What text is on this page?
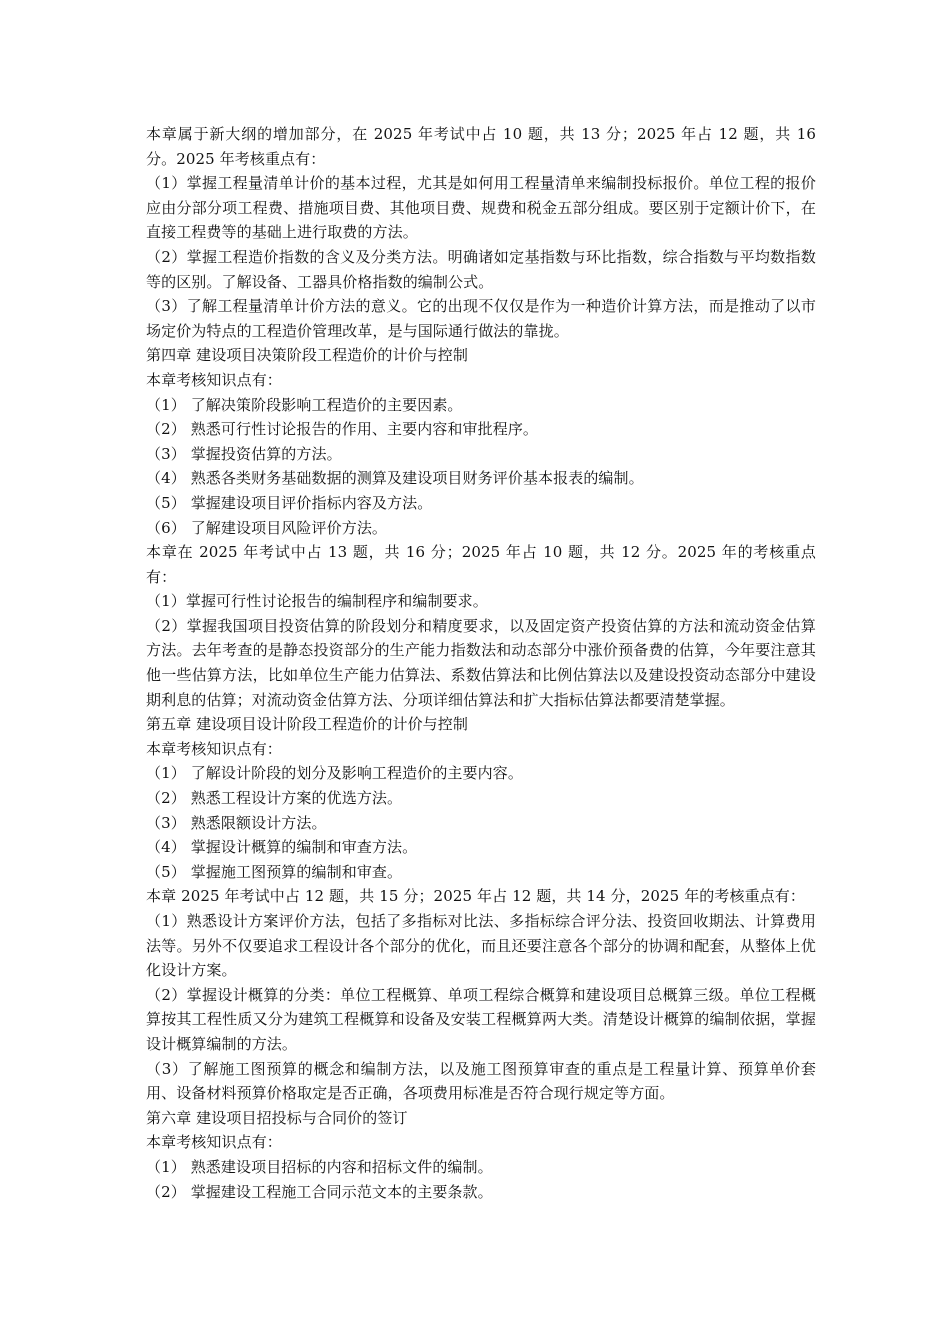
本章属于新大纲的增加部分，在 2025 年考试中占 10 题，共 13 分；2025 年占 12 题，共 16 分。2025 年考核重点有：

（1）掌握工程量清单计价的基本过程，尤其是如何用工程量清单来编制投标报价。单位工程的报价应由分部分项工程费、措施项目费、其他项目费、规费和税金五部分组成。要区别于定额计价下，在直接工程费等的基础上进行取费的方法。

（2）掌握工程造价指数的含义及分类方法。明确诸如定基指数与环比指数，综合指数与平均数指数等的区别。了解设备、工器具价格指数的编制公式。

（3）了解工程量清单计价方法的意义。它的出现不仅仅是作为一种造价计算方法，而是推动了以市场定价为特点的工程造价管理改革，是与国际通行做法的靠拢。

第四章 建设项目决策阶段工程造价的计价与控制

本章考核知识点有：

（1） 了解决策阶段影响工程造价的主要因素。

（2） 熟悉可行性讨论报告的作用、主要内容和审批程序。

（3） 掌握投资估算的方法。

（4） 熟悉各类财务基础数据的测算及建设项目财务评价基本报表的编制。

（5） 掌握建设项目评价指标内容及方法。

（6） 了解建设项目风险评价方法。

本章在 2025 年考试中占 13 题，共 16 分；2025 年占 10 题，共 12 分。2025 年的考核重点有：

（1）掌握可行性讨论报告的编制程序和编制要求。

（2）掌握我国项目投资估算的阶段划分和精度要求，以及固定资产投资估算的方法和流动资金估算方法。去年考查的是静态投资部分的生产能力指数法和动态部分中涨价预备费的估算，今年要注意其他一些估算方法，比如单位生产能力估算法、系数估算法和比例估算法以及建设投资动态部分中建设期利息的估算；对流动资金估算方法、分项详细估算法和扩大指标估算法都要清楚掌握。

第五章 建设项目设计阶段工程造价的计价与控制

本章考核知识点有：

（1） 了解设计阶段的划分及影响工程造价的主要内容。

（2） 熟悉工程设计方案的优选方法。

（3） 熟悉限额设计方法。

（4） 掌握设计概算的编制和审查方法。

（5） 掌握施工图预算的编制和审查。

本章 2025 年考试中占 12 题，共 15 分；2025 年占 12 题，共 14 分，2025 年的考核重点有：

（1）熟悉设计方案评价方法，包括了多指标对比法、多指标综合评分法、投资回收期法、计算费用法等。另外不仅要追求工程设计各个部分的优化，而且还要注意各个部分的协调和配套，从整体上优化设计方案。

（2）掌握设计概算的分类：单位工程概算、单项工程综合概算和建设项目总概算三级。单位工程概算按其工程性质又分为建筑工程概算和设备及安装工程概算两大类。清楚设计概算的编制依据，掌握设计概算编制的方法。

（3）了解施工图预算的概念和编制方法，以及施工图预算审查的重点是工程量计算、预算单价套用、设备材料预算价格取定是否正确，各项费用标准是否符合现行规定等方面。

第六章 建设项目招投标与合同价的签订

本章考核知识点有：

（1） 熟悉建设项目招标的内容和招标文件的编制。

（2） 掌握建设工程施工合同示范文本的主要条款。
